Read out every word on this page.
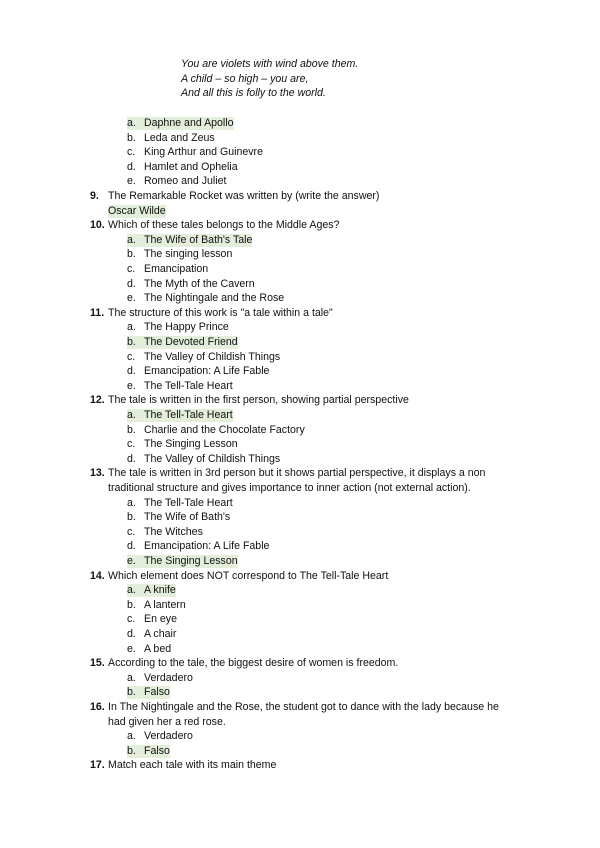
You are violets with wind above them.
A child – so high – you are,
And all this is folly to the world.
a. Daphne and Apollo
b. Leda and Zeus
c. King Arthur and Guinevre
d. Hamlet and Ophelia
e. Romeo and Juliet
9. The Remarkable Rocket was written by (write the answer)
Oscar Wilde
10. Which of these tales belongs to the Middle Ages?
a. The Wife of Bath's Tale
b. The singing lesson
c. Emancipation
d. The Myth of the Cavern
e. The Nightingale and the Rose
11. The structure of this work is "a tale within a tale"
a. The Happy Prince
b. The Devoted Friend
c. The Valley of Childish Things
d. Emancipation: A Life Fable
e. The Tell-Tale Heart
12. The tale is written in the first person, showing partial perspective
a. The Tell-Tale Heart
b. Charlie and the Chocolate Factory
c. The Singing Lesson
d. The Valley of Childish Things
13. The tale is written in 3rd person but it shows partial perspective, it displays a non
traditional structure and gives importance to inner action (not external action).
a. The Tell-Tale Heart
b. The Wife of Bath's
c. The Witches
d. Emancipation: A Life Fable
e. The Singing Lesson
14. Which element does NOT correspond to The Tell-Tale Heart
a. A knife
b. A lantern
c. En eye
d. A chair
e. A bed
15. According to the tale, the biggest desire of women is freedom.
a. Verdadero
b. Falso
16. In The Nightingale and the Rose, the student got to dance with the lady because he
had given her a red rose.
a. Verdadero
b. Falso
17. Match each tale with its main theme
